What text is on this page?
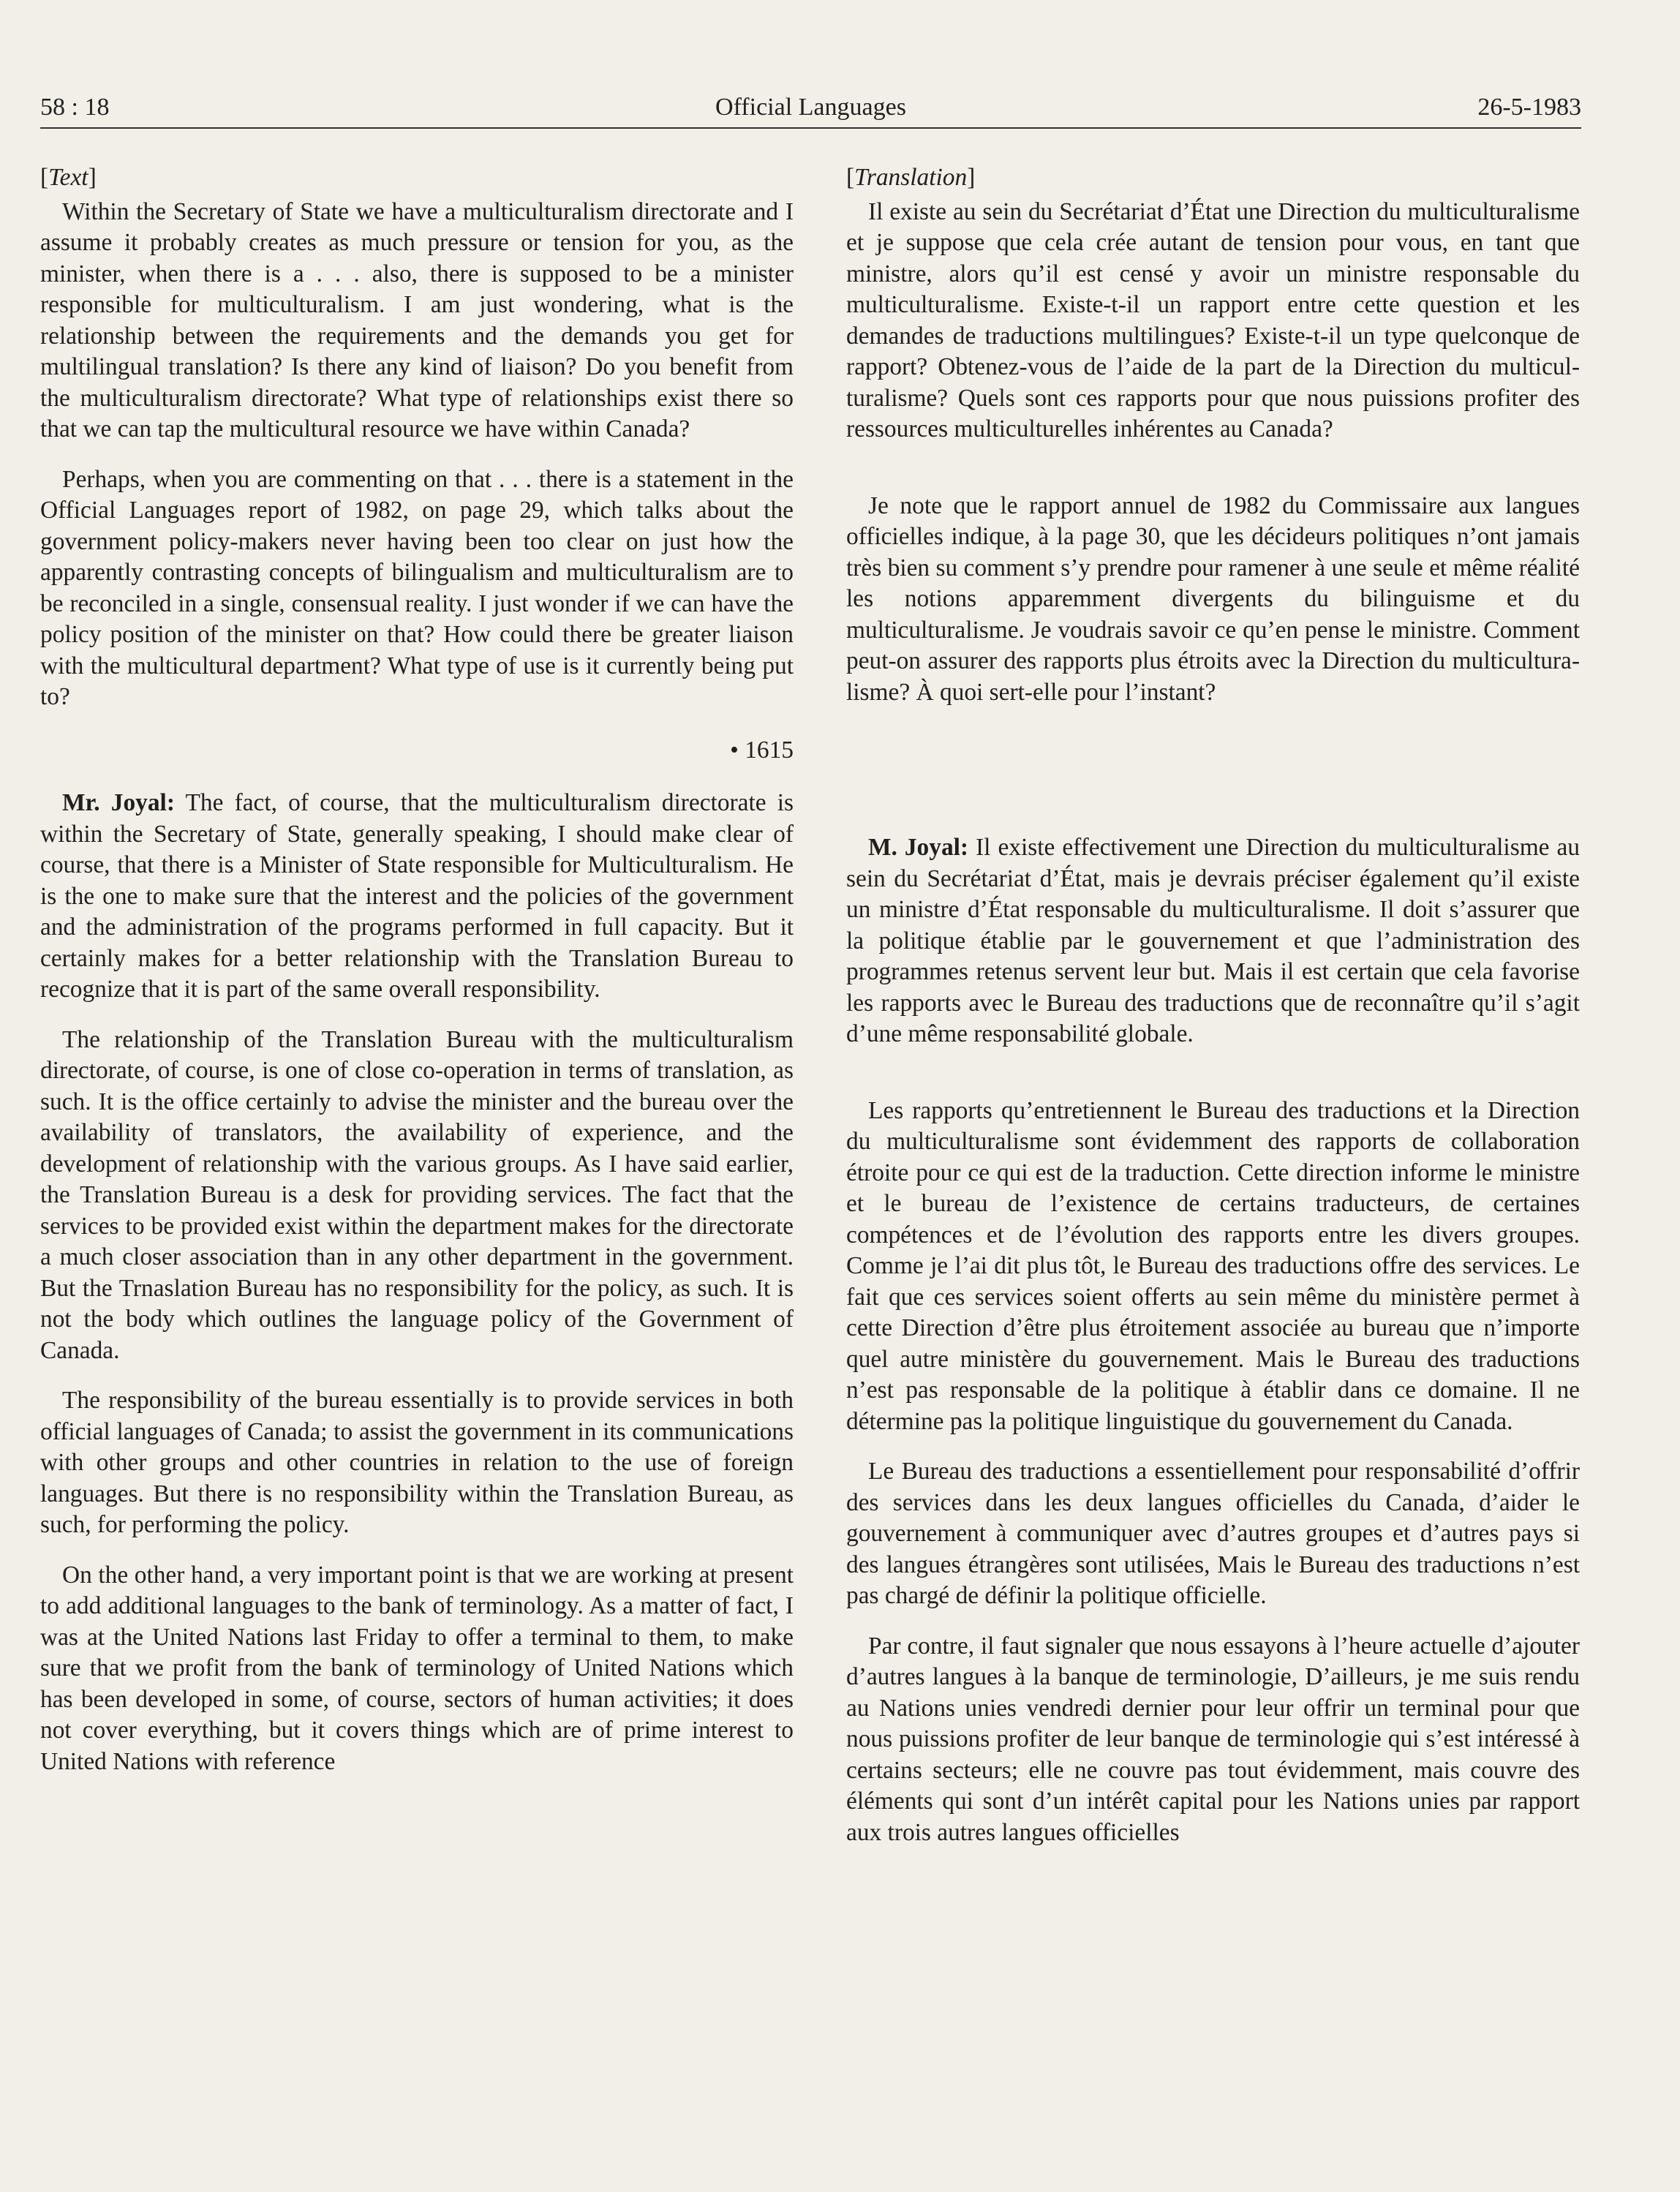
58 : 18	Official Languages	26-5-1983
[Text]

Within the Secretary of State we have a multiculturalism directorate and I assume it probably creates as much pressure or tension for you, as the minister, when there is a . . . also, there is supposed to be a minister responsible for multiculturalism. I am just wondering, what is the relationship between the requirements and the demands you get for multilingual translation? Is there any kind of liaison? Do you benefit from the multiculturalism directorate? What type of relationships exist there so that we can tap the multicultural resource we have within Canada?

Perhaps, when you are commenting on that . . . there is a statement in the Official Languages report of 1982, on page 29, which talks about the government policy-makers never having been too clear on just how the apparently contrasting concepts of bilingualism and multiculturalism are to be reconciled in a single, consensual reality. I just wonder if we can have the policy position of the minister on that? How could there be greater liaison with the multicultural department? What type of use is it currently being put to?

• 1615

Mr. Joyal: The fact, of course, that the multiculturalism directorate is within the Secretary of State, generally speaking, I should make clear of course, that there is a Minister of State responsible for Multiculturalism. He is the one to make sure that the interest and the policies of the government and the administration of the programs performed in full capacity. But it certainly makes for a better relationship with the Translation Bureau to recognize that it is part of the same overall responsibility.

The relationship of the Translation Bureau with the multiculturalism directorate, of course, is one of close co-operation in terms of translation, as such. It is the office certainly to advise the minister and the bureau over the availability of translators, the availability of experience, and the development of relationship with the various groups. As I have said earlier, the Translation Bureau is a desk for providing services. The fact that the services to be provided exist within the department makes for the directorate a much closer association than in any other department in the government. But the Trnaslation Bureau has no responsibility for the policy, as such. It is not the body which outlines the language policy of the Government of Canada.

The responsibility of the bureau essentially is to provide services in both official languages of Canada; to assist the government in its communications with other groups and other countries in relation to the use of foreign languages. But there is no responsibility within the Translation Bureau, as such, for performing the policy.

On the other hand, a very important point is that we are working at present to add additional languages to the bank of terminology. As a matter of fact, I was at the United Nations last Friday to offer a terminal to them, to make sure that we profit from the bank of terminology of United Nations which has been developed in some, of course, sectors of human activities; it does not cover everything, but it covers things which are of prime interest to United Nations with reference

[Translation]

Il existe au sein du Secrétariat d’État une Direction du multiculturalisme et je suppose que cela crée autant de tension pour vous, en tant que ministre, alors qu’il est censé y avoir un ministre responsable du multiculturalisme. Existe-t-il un rapport entre cette question et les demandes de traductions multilingues? Existe-t-il un type quelconque de rapport? Obtenez-vous de l’aide de la part de la Direction du multiculturalisme? Quels sont ces rapports pour que nous puissions profiter des ressources multiculturelles inhérentes au Canada?

Je note que le rapport annuel de 1982 du Commissaire aux langues officielles indique, à la page 30, que les décideurs politiques n’ont jamais très bien su comment s’y prendre pour ramener à une seule et même réalité les notions apparemment divergents du bilinguisme et du multiculturalisme. Je voudrais savoir ce qu’en pense le ministre. Comment peut-on assurer des rapports plus étroits avec la Direction du multiculturalisme? À quoi sert-elle pour l’instant?

M. Joyal: Il existe effectivement une Direction du multiculturalisme au sein du Secrétariat d’État, mais je devrais préciser également qu’il existe un ministre d’État responsable du multiculturalisme. Il doit s’assurer que la politique établie par le gouvernement et que l’administration des programmes retenus servent leur but. Mais il est certain que cela favorise les rapports avec le Bureau des traductions que de reconnaître qu’il s’agit d’une même responsabilité globale.

Les rapports qu’entretiennent le Bureau des traductions et la Direction du multiculturalisme sont évidemment des rapports de collaboration étroite pour ce qui est de la traduction. Cette direction informe le ministre et le bureau de l’existence de certains traducteurs, de certaines compétences et de l’évolution des rapports entre les divers groupes. Comme je l’ai dit plus tôt, le Bureau des traductions offre des services. Le fait que ces services soient offerts au sein même du ministère permet à cette Direction d’être plus étroitement associée au bureau que n’importe quel autre ministère du gouvernement. Mais le Bureau des traductions n’est pas responsable de la politique à établir dans ce domaine. Il ne détermine pas la politique linguistique du gouvernement du Canada.

Le Bureau des traductions a essentiellement pour responsabilité d’offrir des services dans les deux langues officielles du Canada, d’aider le gouvernement à communiquer avec d’autres groupes et d’autres pays si des langues étrangères sont utilisées, Mais le Bureau des traductions n’est pas chargé de définir la politique officielle.

Par contre, il faut signaler que nous essayons à l’heure actuelle d’ajouter d’autres langues à la banque de terminologie, D’ailleurs, je me suis rendu au Nations unies vendredi dernier pour leur offrir un terminal pour que nous puissions profiter de leur banque de terminologie qui s’est intéressé à certains secteurs; elle ne couvre pas tout évidemment, mais couvre des éléments qui sont d’un intérêt capital pour les Nations unies par rapport aux trois autres langues officielles
